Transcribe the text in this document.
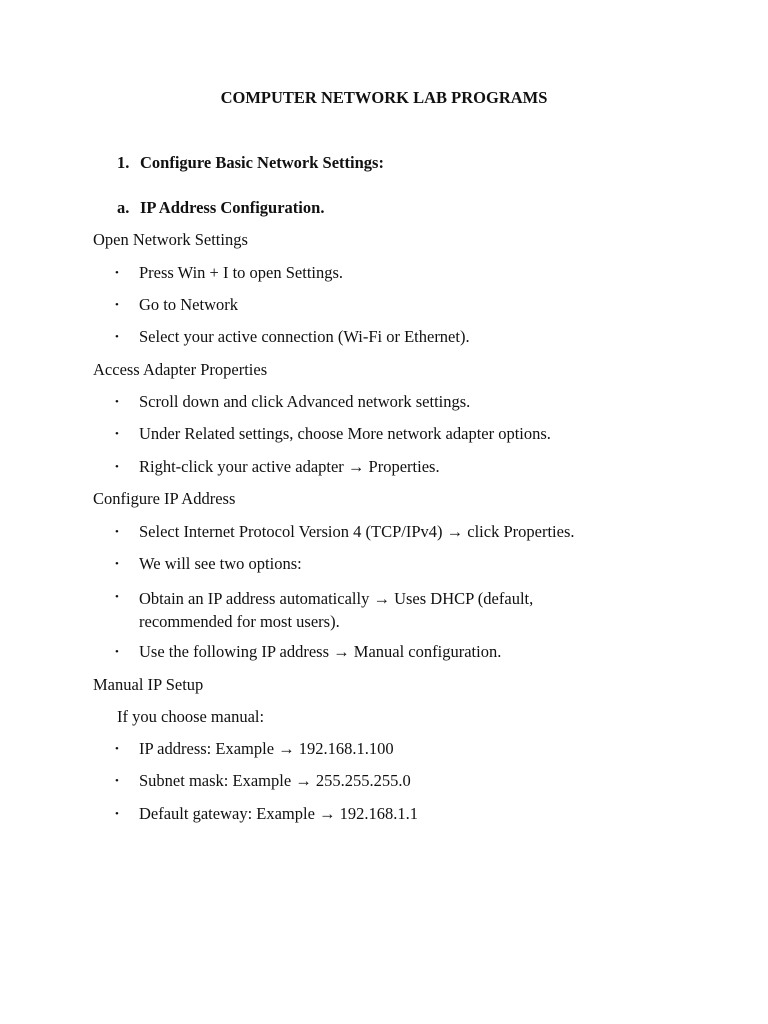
COMPUTER NETWORK LAB PROGRAMS
1. Configure Basic Network Settings:
a. IP Address Configuration.
Open Network Settings
•	Press Win + I to open Settings.
•	Go to Network
•	Select your active connection (Wi-Fi or Ethernet).
Access Adapter Properties
•	Scroll down and click Advanced network settings.
•	Under Related settings, choose More network adapter options.
•	Right-click your active adapter → Properties.
Configure IP Address
•	Select Internet Protocol Version 4 (TCP/IPv4) → click Properties.
•	We will see two options:
•	Obtain an IP address automatically → Uses DHCP (default, recommended for most users).
•	Use the following IP address → Manual configuration.
Manual IP Setup
If you choose manual:
•	IP address: Example → 192.168.1.100
•	Subnet mask: Example → 255.255.255.0
•	Default gateway: Example → 192.168.1.1
